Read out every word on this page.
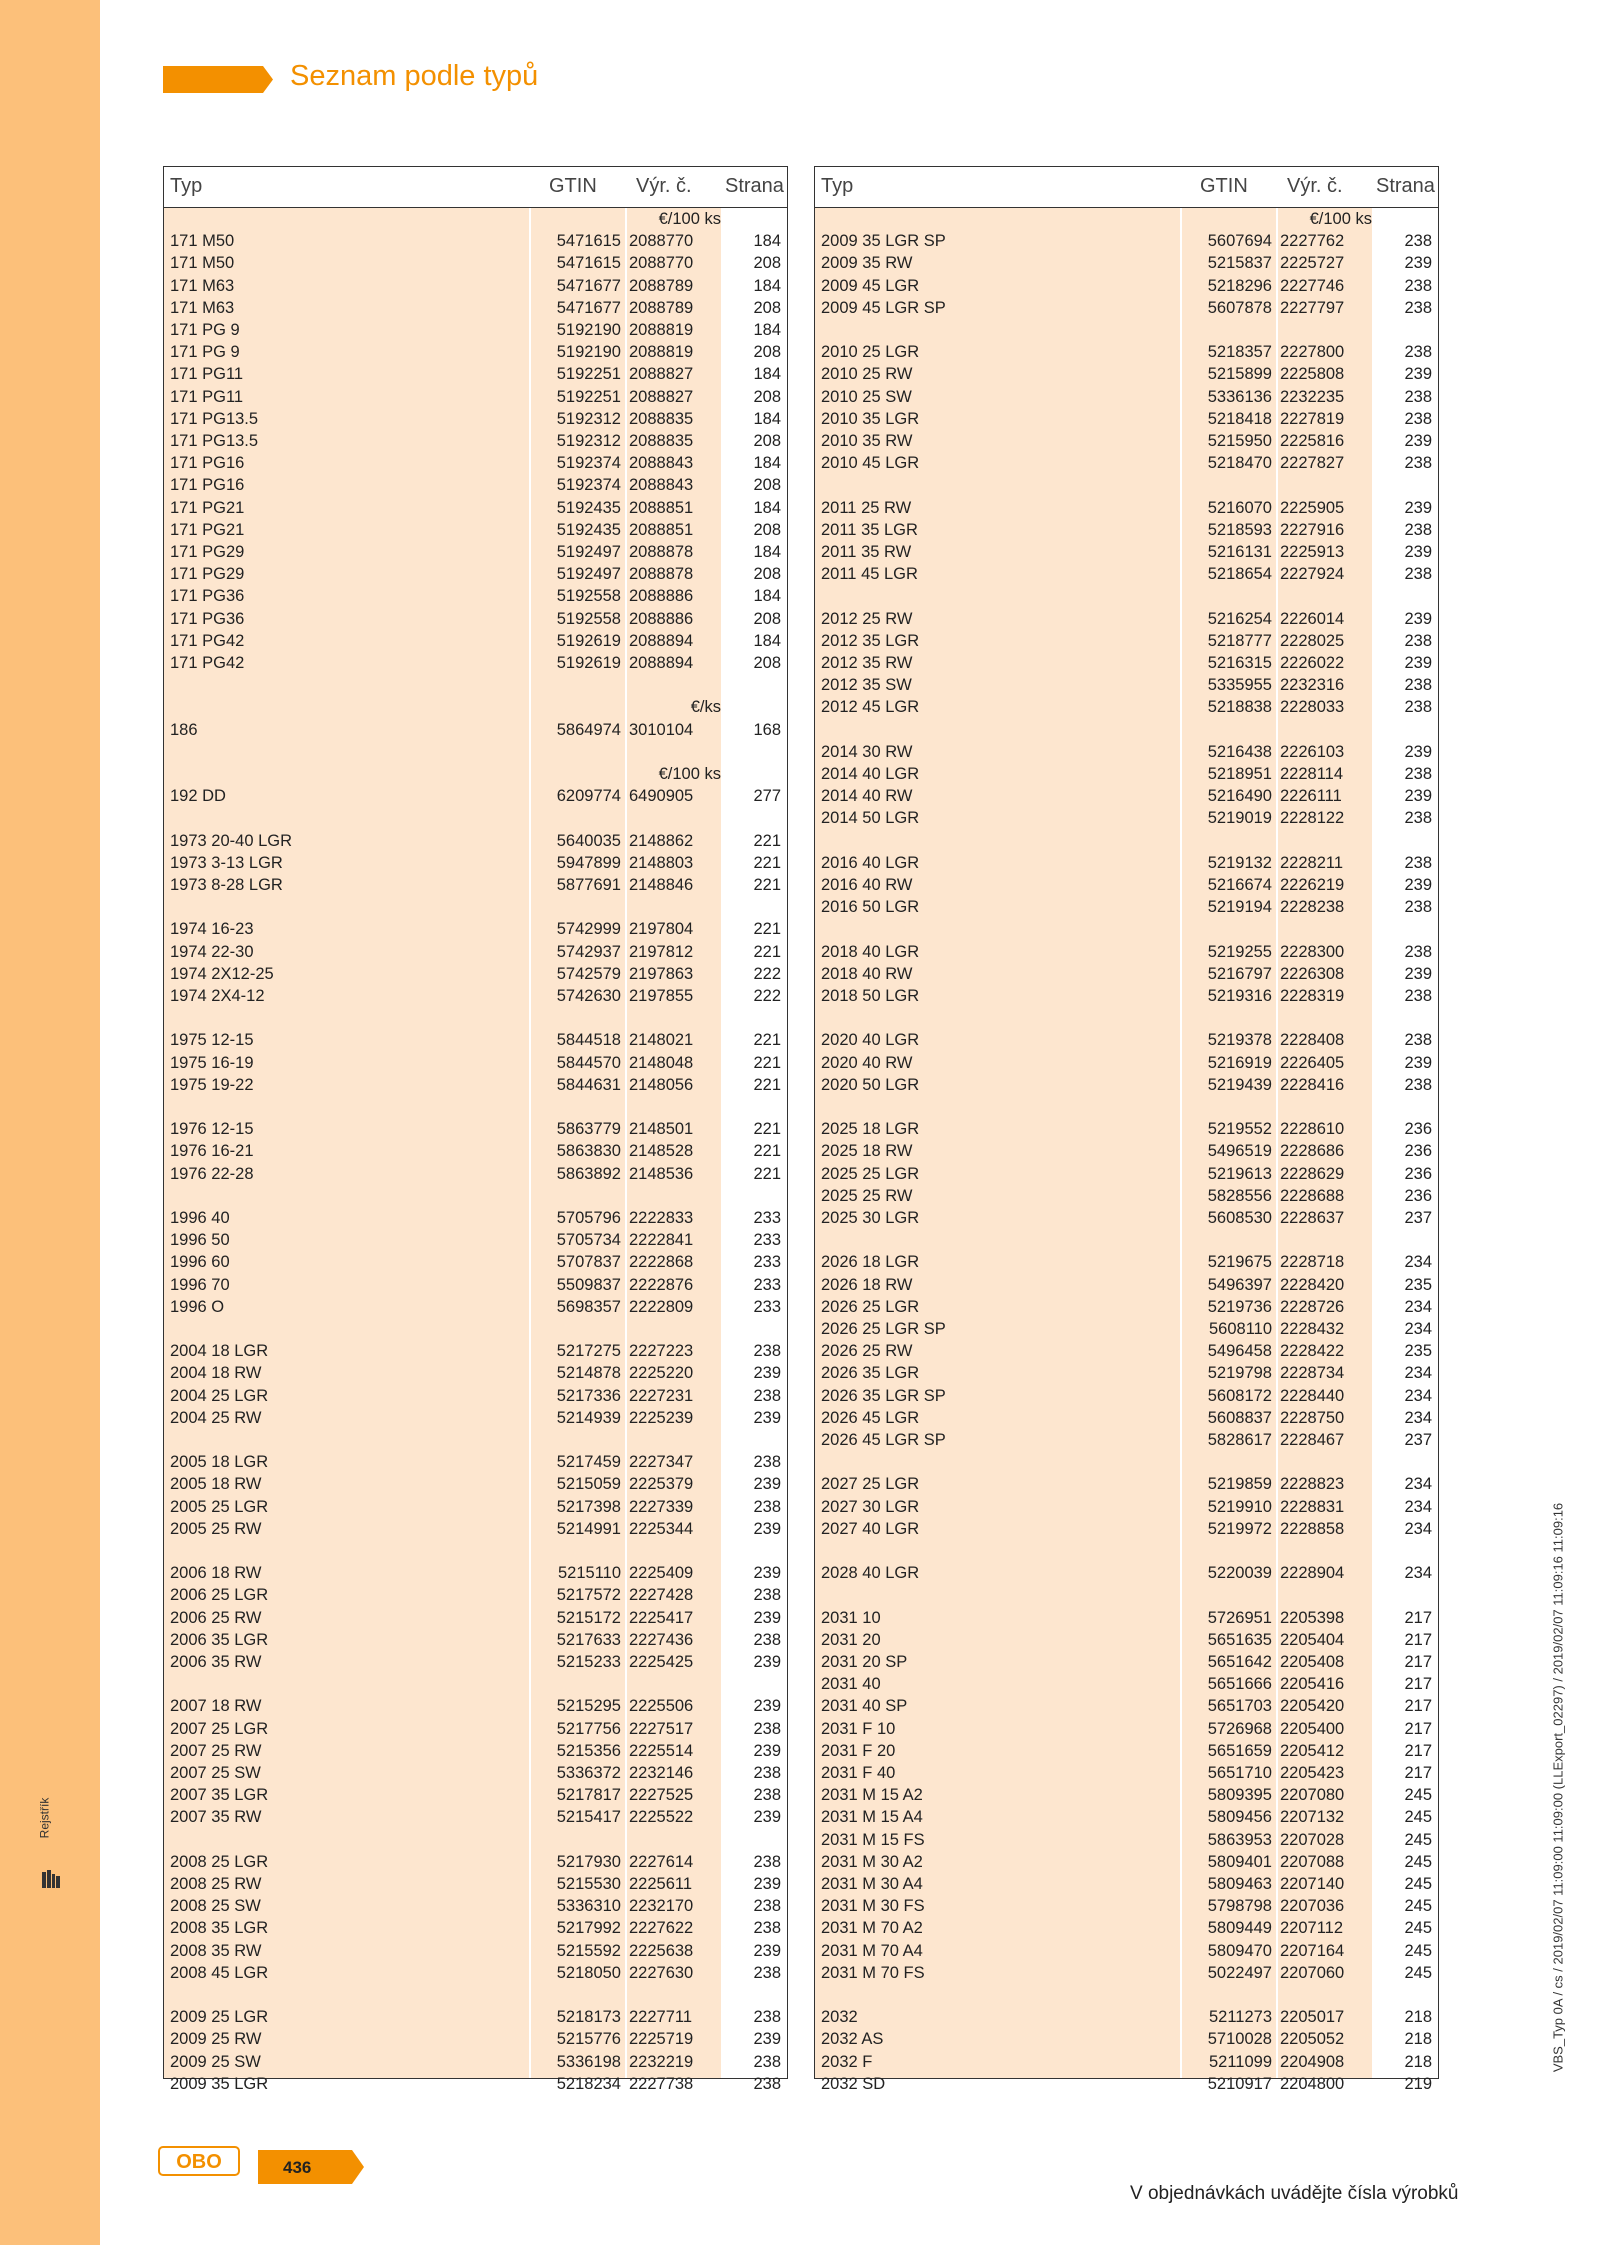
Rejstřík
Seznam podle typů
Typ	GTIN Výr. č. Strana
€/100 ks
171 M50	5471615 2088770	184
171 M50	5471615 2088770	208
171 M63	5471677 2088789	184
171 M63	5471677 2088789	208
171 PG 9	5192190 2088819	184
171 PG 9	5192190 2088819	208
171 PG11	5192251 2088827	184
171 PG11	5192251 2088827	208
171 PG13.5	5192312 2088835	184
171 PG13.5	5192312 2088835	208
171 PG16	5192374 2088843	184
171 PG16	5192374 2088843	208
171 PG21	5192435 2088851	184
171 PG21	5192435 2088851	208
171 PG29	5192497 2088878	184
171 PG29	5192497 2088878	208
171 PG36	5192558 2088886	184
171 PG36	5192558 2088886	208
171 PG42	5192619 2088894	184
171 PG42	5192619 2088894	208
€/ks
186	5864974 3010104	168
€/100 ks
192 DD	6209774 6490905	277
1973 20-40 LGR	5640035 2148862	221
1973 3-13 LGR	5947899 2148803	221
1973 8-28 LGR	5877691 2148846	221
1974 16-23	5742999 2197804	221
1974 22-30	5742937 2197812	221
1974 2X12-25	5742579 2197863	222
1974 2X4-12	5742630 2197855	222
1975 12-15	5844518 2148021	221
1975 16-19	5844570 2148048	221
1975 19-22	5844631 2148056	221
1976 12-15	5863779 2148501	221
1976 16-21	5863830 2148528	221
1976 22-28	5863892 2148536	221
1996 40	5705796 2222833	233
1996 50	5705734 2222841	233
1996 60	5707837 2222868	233
1996 70	5509837 2222876	233
1996 O	5698357 2222809	233
2004 18 LGR	5217275 2227223	238
2004 18 RW	5214878 2225220	239
2004 25 LGR	5217336 2227231	238
2004 25 RW	5214939 2225239	239
2005 18 LGR	5217459 2227347	238
2005 18 RW	5215059 2225379	239
2005 25 LGR	5217398 2227339	238
2005 25 RW	5214991 2225344	239
2006 18 RW	5215110 2225409	239
2006 25 LGR	5217572 2227428	238
2006 25 RW	5215172 2225417	239
2006 35 LGR	5217633 2227436	238
2006 35 RW	5215233 2225425	239
2007 18 RW	5215295 2225506	239
2007 25 LGR	5217756 2227517	238
2007 25 RW	5215356 2225514	239
2007 25 SW	5336372 2232146	238
2007 35 LGR	5217817 2227525	238
2007 35 RW	5215417 2225522	239
2008 25 LGR	5217930 2227614	238
2008 25 RW	5215530 2225611	239
2008 25 SW	5336310 2232170	238
2008 35 LGR	5217992 2227622	238
2008 35 RW	5215592 2225638	239
2008 45 LGR	5218050 2227630	238
2009 25 LGR	5218173 2227711	238
2009 25 RW	5215776 2225719	239
2009 25 SW	5336198 2232219	238
2009 35 LGR	5218234 2227738	238
Typ	GTIN Výr. č. Strana
€/100 ks
2009 35 LGR SP	5607694 2227762	238
2009 35 RW	5215837 2225727	239
2009 45 LGR	5218296 2227746	238
2009 45 LGR SP	5607878 2227797	238
2010 25 LGR	5218357 2227800	238
2010 25 RW	5215899 2225808	239
2010 25 SW	5336136 2232235	238
2010 35 LGR	5218418 2227819	238
2010 35 RW	5215950 2225816	239
2010 45 LGR	5218470 2227827	238
2011 25 RW	5216070 2225905	239
2011 35 LGR	5218593 2227916	238
2011 35 RW	5216131 2225913	239
2011 45 LGR	5218654 2227924	238
2012 25 RW	5216254 2226014	239
2012 35 LGR	5218777 2228025	238
2012 35 RW	5216315 2226022	239
2012 35 SW	5335955 2232316	238
2012 45 LGR	5218838 2228033	238
2014 30 RW	5216438 2226103	239
2014 40 LGR	5218951 2228114	238
2014 40 RW	5216490 2226111	239
2014 50 LGR	5219019 2228122	238
2016 40 LGR	5219132 2228211	238
2016 40 RW	5216674 2226219	239
2016 50 LGR	5219194 2228238	238
2018 40 LGR	5219255 2228300	238
2018 40 RW	5216797 2226308	239
2018 50 LGR	5219316 2228319	238
2020 40 LGR	5219378 2228408	238
2020 40 RW	5216919 2226405	239
2020 50 LGR	5219439 2228416	238
2025 18 LGR	5219552 2228610	236
2025 18 RW	5496519 2228686	236
2025 25 LGR	5219613 2228629	236
2025 25 RW	5828556 2228688	236
2025 30 LGR	5608530 2228637	237
2026 18 LGR	5219675 2228718	234
2026 18 RW	5496397 2228420	235
2026 25 LGR	5219736 2228726	234
2026 25 LGR SP	5608110 2228432	234
2026 25 RW	5496458 2228422	235
2026 35 LGR	5219798 2228734	234
2026 35 LGR SP	5608172 2228440	234
2026 45 LGR	5608837 2228750	234
2026 45 LGR SP	5828617 2228467	237
2027 25 LGR	5219859 2228823	234
2027 30 LGR	5219910 2228831	234
2027 40 LGR	5219972 2228858	234
2028 40 LGR	5220039 2228904	234
2031 10	5726951 2205398	217
2031 20	5651635 2205404	217
2031 20 SP	5651642 2205408	217
2031 40	5651666 2205416	217
2031 40 SP	5651703 2205420	217
2031 F 10	5726968 2205400	217
2031 F 20	5651659 2205412	217
2031 F 40	5651710 2205423	217
2031 M 15 A2	5809395 2207080	245
2031 M 15 A4	5809456 2207132	245
2031 M 15 FS	5863953 2207028	245
2031 M 30 A2	5809401 2207088	245
2031 M 30 A4	5809463 2207140	245
2031 M 30 FS	5798798 2207036	245
2031 M 70 A2	5809449 2207112	245
2031 M 70 A4	5809470 2207164	245
2031 M 70 FS	5022497 2207060	245
2032	5211273 2205017	218
2032 AS	5710028 2205052	218
2032 F	5211099 2204908	218
2032 SD	5210917 2204800	219
OBO	436
V objednávkách uvádějte čísla výrobků
VBS_Typ 0A / cs / 2019/02/07 11:09:00 11:09:00 (LLExport_02297) / 2019/02/07 11:09:16 11:09:16
